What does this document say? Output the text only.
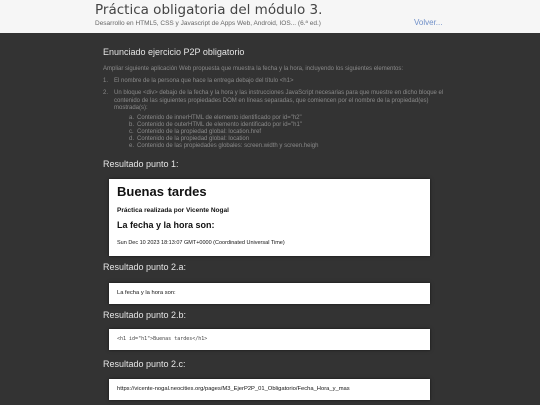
Práctica obligatoria del módulo 3.
Desarrollo en HTML5, CSS y Javascript de Apps Web, Android, IOS... (6.ª ed.)	Volver...
Enunciado ejercicio P2P obligatorio
Ampliar siguiente aplicación Web propuesta que muestra la fecha y la hora, incluyendo los siguientes elementos:
1. El nombre de la persona que hace la entrega debajo del título <h1>
2. Un bloque <div> debajo de la fecha y la hora y las instrucciones JavaScript necesarias para que muestre en dicho bloque el contenido de las siguientes propiedades DOM en líneas separadas, que comiencen por el nombre de la propiedad(es) mostrada(s):
a. Contenido de innerHTML de elemento identificado por id="h2"
b. Contenido de outerHTML de elemento identificado por id="h1"
c. Contenido de la propiedad global: location.href
d. Contenido de la propiedad global: location
e. Contenido de las propiedades globales: screen.width y screen.heigh
Resultado punto 1:
Buenas tardes
Práctica realizada por Vicente Nogal
La fecha y la hora son:
Sun Dec 10 2023 18:13:07 GMT+0000 (Coordinated Universal Time)
Resultado punto 2.a:
La fecha y la hora son:
Resultado punto 2.b:
<h1 id="h1">Buenas tardes</h1>
Resultado punto 2.c:
https://vicente-nogal.neocities.org/pages/M3_EjerP2P_01_Obligatorio/Fecha_Hora_y_mas
